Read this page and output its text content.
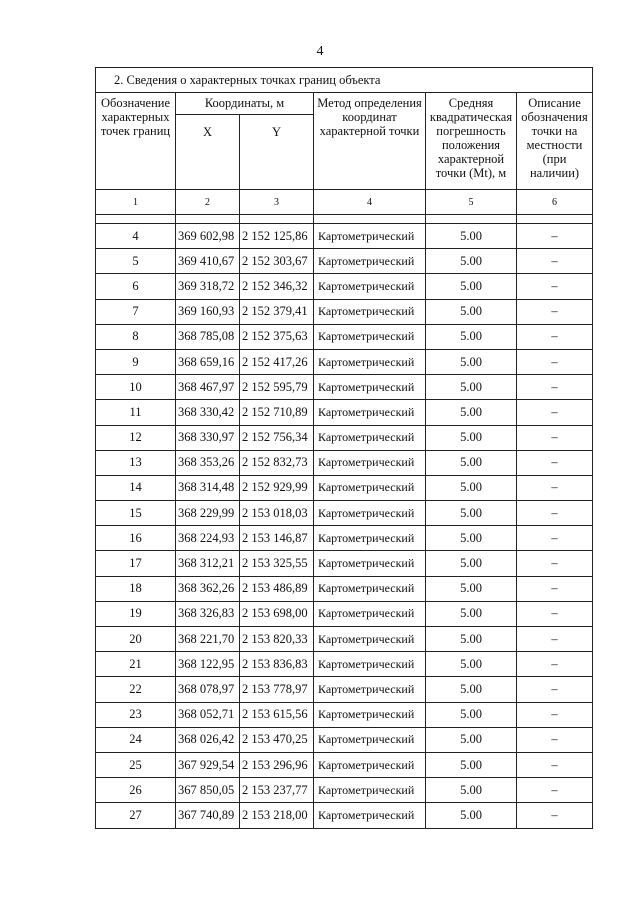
4
2. Сведения о характерных точках границ объекта					
Обозначение характерных точек границ	Координаты, м		Метод определения координат характерной точки	Средняя квадратическая погрешность положения характерной точки (Mt), м	Описание обозначения точки на местности (при наличии)
	X	Y			
1	2	3	4	5	6

4	369 602,98	2 152 125,86	Картометрический	5.00	–
5	369 410,67	2 152 303,67	Картометрический	5.00	–
6	369 318,72	2 152 346,32	Картометрический	5.00	–
7	369 160,93	2 152 379,41	Картометрический	5.00	–
8	368 785,08	2 152 375,63	Картометрический	5.00	–
9	368 659,16	2 152 417,26	Картометрический	5.00	–
10	368 467,97	2 152 595,79	Картометрический	5.00	–
11	368 330,42	2 152 710,89	Картометрический	5.00	–
12	368 330,97	2 152 756,34	Картометрический	5.00	–
13	368 353,26	2 152 832,73	Картометрический	5.00	–
14	368 314,48	2 152 929,99	Картометрический	5.00	–
15	368 229,99	2 153 018,03	Картометрический	5.00	–
16	368 224,93	2 153 146,87	Картометрический	5.00	–
17	368 312,21	2 153 325,55	Картометрический	5.00	–
18	368 362,26	2 153 486,89	Картометрический	5.00	–
19	368 326,83	2 153 698,00	Картометрический	5.00	–
20	368 221,70	2 153 820,33	Картометрический	5.00	–
21	368 122,95	2 153 836,83	Картометрический	5.00	–
22	368 078,97	2 153 778,97	Картометрический	5.00	–
23	368 052,71	2 153 615,56	Картометрический	5.00	–
24	368 026,42	2 153 470,25	Картометрический	5.00	–
25	367 929,54	2 153 296,96	Картометрический	5.00	–
26	367 850,05	2 153 237,77	Картометрический	5.00	–
27	367 740,89	2 153 218,00	Картометрический	5.00	–
